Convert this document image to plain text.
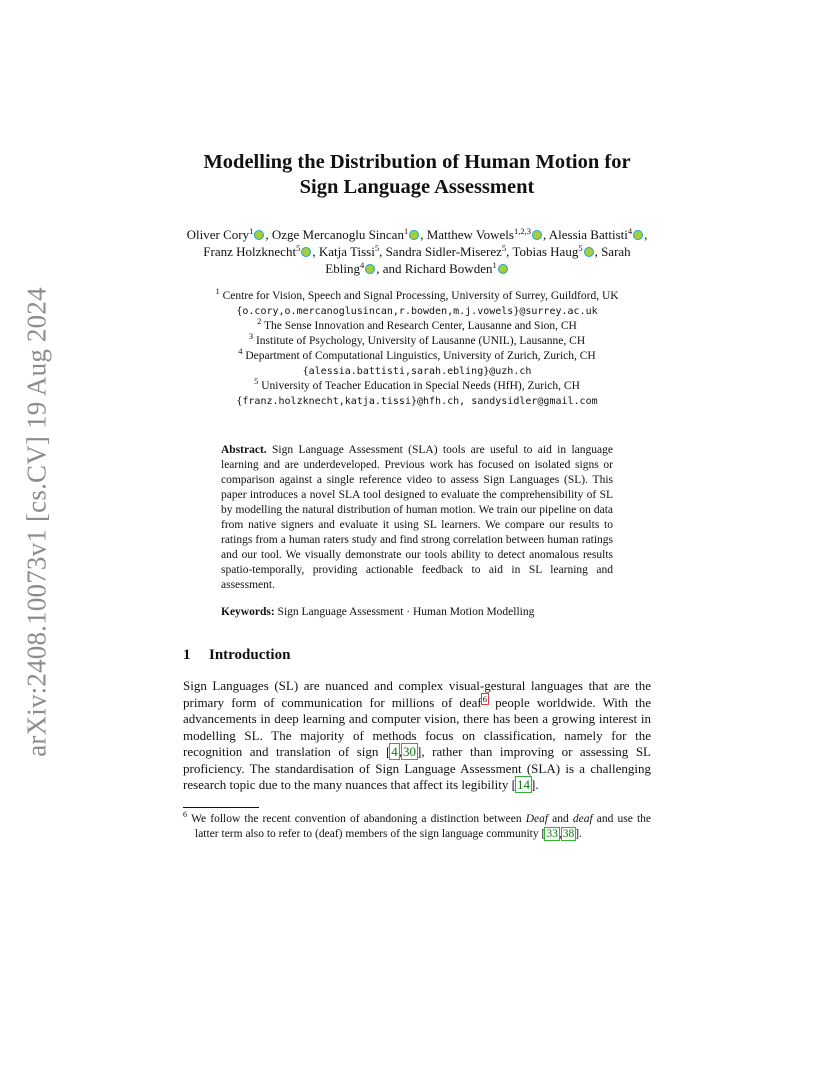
arXiv:2408.10073v1 [cs.CV] 19 Aug 2024
Modelling the Distribution of Human Motion for Sign Language Assessment
Oliver Cory$^1$ , Ozge Mercanoglu Sincan$^1$ , Matthew Vowels$^{1,2,3}$ , Alessia Battisti$^4$ , Franz Holzknecht$^5$ , Katja Tissi$^5$, Sandra Sidler-Miserez$^5$, Tobias Haug$^5$ , Sarah Ebling$^4$ , and Richard Bowden$^1$
$^1$ Centre for Vision, Speech and Signal Processing, University of Surrey, Guildford, UK
{o.cory,o.mercanoglusincan,r.bowden,m.j.vowels}@surrey.ac.uk
$^2$ The Sense Innovation and Research Center, Lausanne and Sion, CH
$^3$ Institute of Psychology, University of Lausanne (UNIL), Lausanne, CH
$^4$ Department of Computational Linguistics, University of Zurich, Zurich, CH
{alessia.battisti,sarah.ebling}@uzh.ch
$^5$ University of Teacher Education in Special Needs (HfH), Zurich, CH
{franz.holzknecht,katja.tissi}@hfh.ch, sandysidler@gmail.com
Abstract. Sign Language Assessment (SLA) tools are useful to aid in language learning and are underdeveloped. Previous work has focused on isolated signs or comparison against a single reference video to assess Sign Languages (SL). This paper introduces a novel SLA tool designed to evaluate the comprehensibility of SL by modelling the natural distribution of human motion. We train our pipeline on data from native signers and evaluate it using SL learners. We compare our results to ratings from a human raters study and find strong correlation between human ratings and our tool. We visually demonstrate our tools ability to detect anomalous results spatio-temporally, providing actionable feedback to aid in SL learning and assessment.
Keywords: Sign Language Assessment · Human Motion Modelling
1 Introduction

Sign Languages (SL) are nuanced and complex visual-gestural languages that are the primary form of communication for millions of deaf$^6$ people worldwide. With the advancements in deep learning and computer vision, there has been a growing interest in modelling SL. The majority of methods focus on classification, namely for the recognition and translation of sign [4,30], rather than improving or assessing SL proficiency. The standardisation of Sign Language Assessment (SLA) is a challenging research topic due to the many nuances that affect its legibility [14].

$^6$ We follow the recent convention of abandoning a distinction between Deaf and deaf and use the latter term also to refer to (deaf) members of the sign language community [33,38].
